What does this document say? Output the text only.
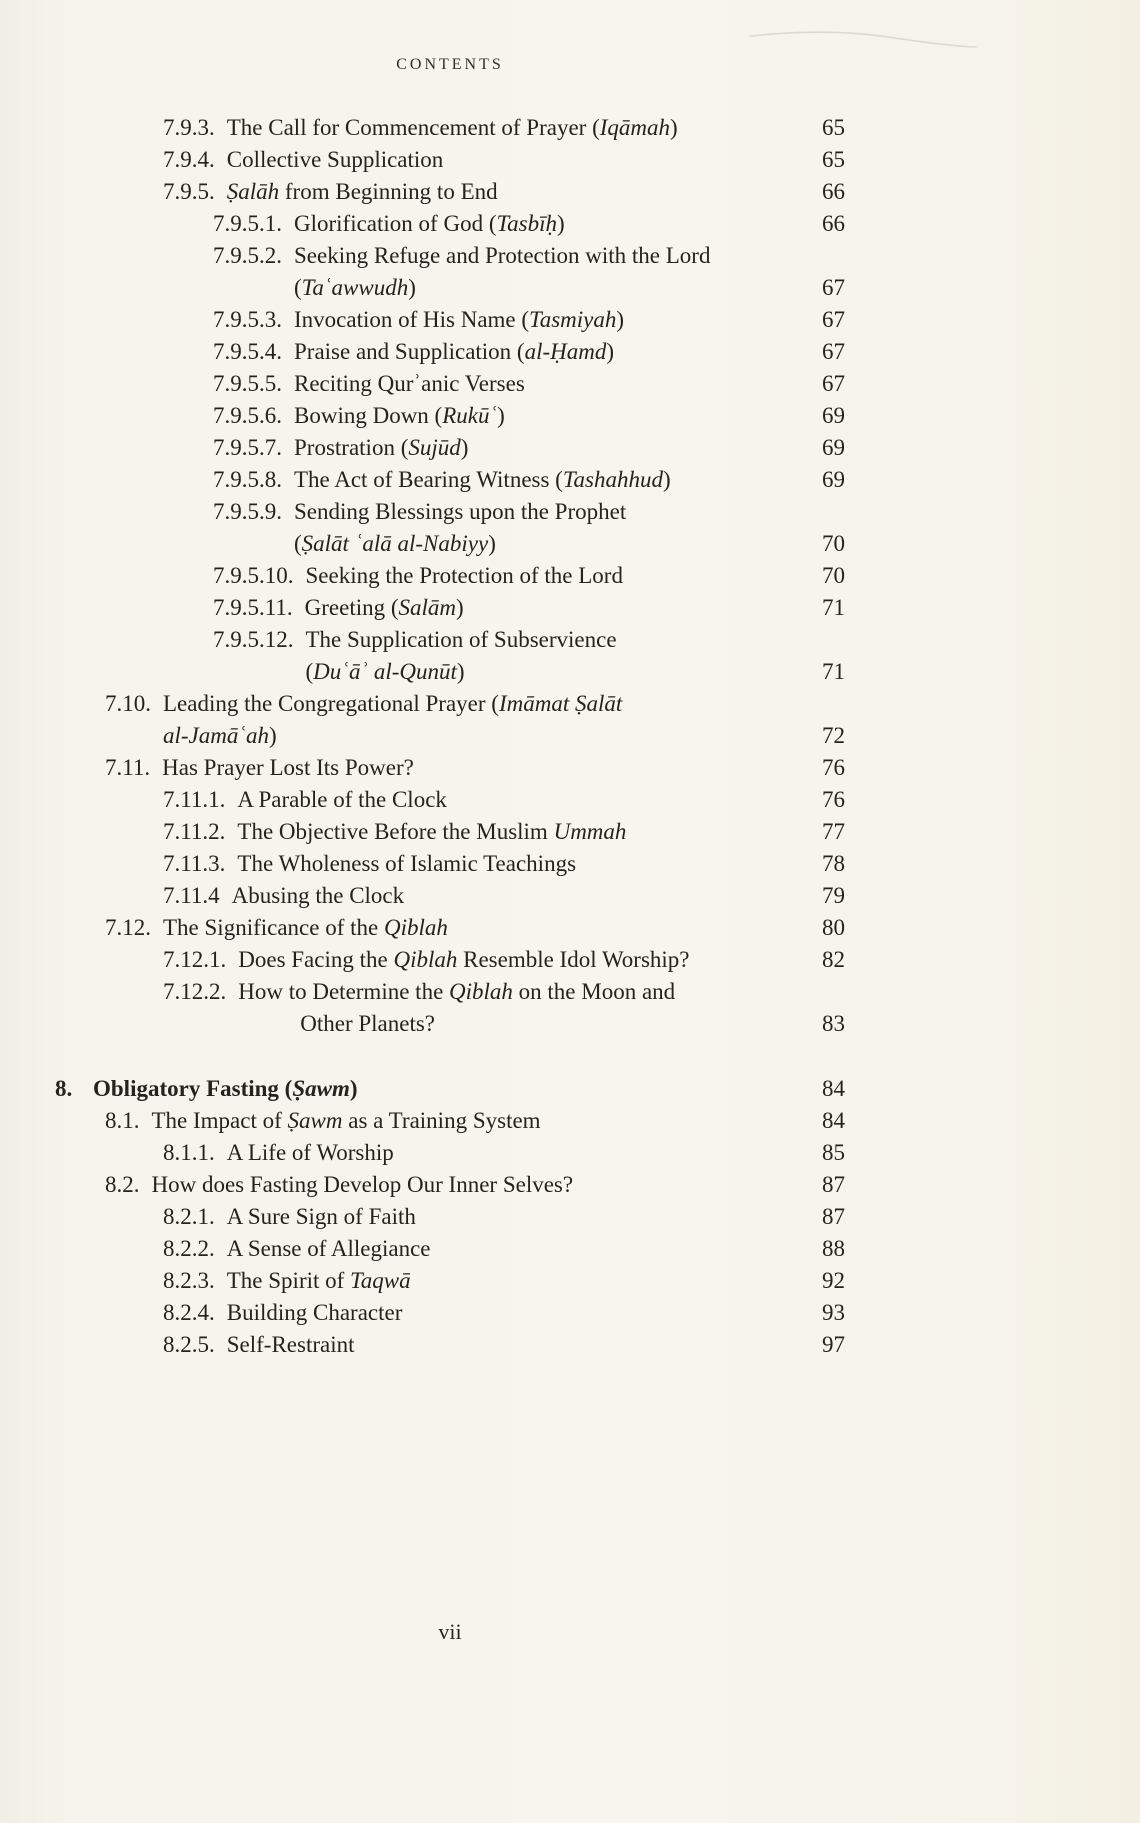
CONTENTS
7.9.3. The Call for Commencement of Prayer (Iqāmah)	65
7.9.4. Collective Supplication	65
7.9.5. Ṣalāh from Beginning to End	66
7.9.5.1. Glorification of God (Tasbīḥ)	66
7.9.5.2. Seeking Refuge and Protection with the Lord
(Taʿawwudh)	67
7.9.5.3. Invocation of His Name (Tasmiyah)	67
7.9.5.4. Praise and Supplication (al-Ḥamd)	67
7.9.5.5. Reciting Qurʾanic Verses	67
7.9.5.6. Bowing Down (Rukūʿ)	69
7.9.5.7. Prostration (Sujūd)	69
7.9.5.8. The Act of Bearing Witness (Tashahhud)	69
7.9.5.9. Sending Blessings upon the Prophet
(Ṣalāt ʿalā al-Nabiyy)	70
7.9.5.10. Seeking the Protection of the Lord	70
7.9.5.11. Greeting (Salām)	71
7.9.5.12. The Supplication of Subservience
(Duʿāʾ al-Qunūt)	71
7.10. Leading the Congregational Prayer (Imāmat Ṣalāt
al-Jamāʿah)	72
7.11. Has Prayer Lost Its Power?	76
7.11.1. A Parable of the Clock	76
7.11.2. The Objective Before the Muslim Ummah	77
7.11.3. The Wholeness of Islamic Teachings	78
7.11.4 Abusing the Clock	79
7.12. The Significance of the Qiblah	80
7.12.1. Does Facing the Qiblah Resemble Idol Worship?	82
7.12.2. How to Determine the Qiblah on the Moon and
Other Planets?	83
8. Obligatory Fasting (Ṣawm)	84
8.1. The Impact of Ṣawm as a Training System	84
8.1.1. A Life of Worship	85
8.2. How does Fasting Develop Our Inner Selves?	87
8.2.1. A Sure Sign of Faith	87
8.2.2. A Sense of Allegiance	88
8.2.3. The Spirit of Taqwā	92
8.2.4. Building Character	93
8.2.5. Self-Restraint	97
vii
